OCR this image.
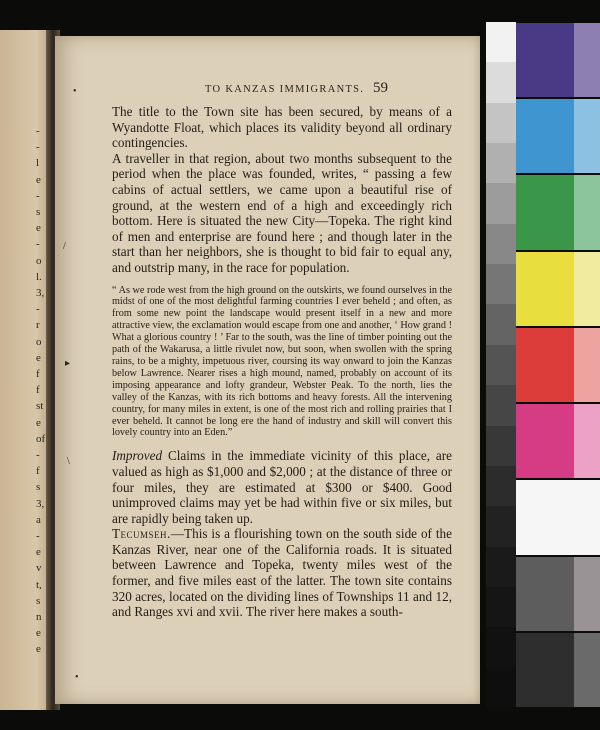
-
-
l
e
-
s
e
-
o
l.
3,
-
r
o
e
f
f
st
e
of
-
f
s
3,
a
-
e
v
t,
s
n
e
e
TO KANZAS IMMIGRANTS. 59
•
/
▸
\
•

The title to the Town site has been secured, by means of a Wyandotte Float, which places its validity beyond all ordinary contingencies.

A traveller in that region, about two months subsequent to the period when the place was founded, writes, “ passing a few cabins of actual settlers, we came upon a beautiful rise of ground, at the western end of a high and exceedingly rich bottom. Here is situated the new City—Topeka. The right kind of men and enterprise are found here ; and though later in the start than her neighbors, she is thought to bid fair to equal any, and outstrip many, in the race for population.

“ As we rode west from the high ground on the outskirts, we found ourselves in the midst of one of the most delightful farming countries I ever beheld ; and often, as from some new point the landscape would present itself in a new and more attractive view, the exclamation would escape from one and another, ‘ How grand ! What a glorious country ! ’ Far to the south, was the line of timber pointing out the path of the Wakarusa, a little rivulet now, but soon, when swollen with the spring rains, to be a mighty, impetuous river, coursing its way onward to join the Kanzas below Lawrence. Nearer rises a high mound, named, probably on account of its imposing appearance and lofty grandeur, Webster Peak. To the north, lies the valley of the Kanzas, with its rich bottoms and heavy forests. All the intervening country, for many miles in extent, is one of the most rich and rolling prairies that I ever beheld. It cannot be long ere the hand of industry and skill will convert this lovely country into an Eden.”

Improved Claims in the immediate vicinity of this place, are valued as high as $1,000 and $2,000 ; at the distance of three or four miles, they are estimated at $300 or $400. Good unimproved claims may yet be had within five or six miles, but are rapidly being taken up.

Tecumseh.—This is a flourishing town on the south side of the Kanzas River, near one of the California roads. It is situated between Lawrence and Topeka, twenty miles west of the former, and five miles east of the latter. The town site contains 320 acres, located on the dividing lines of Townships 11 and 12, and Ranges xvi and xvii. The river here makes a south-
